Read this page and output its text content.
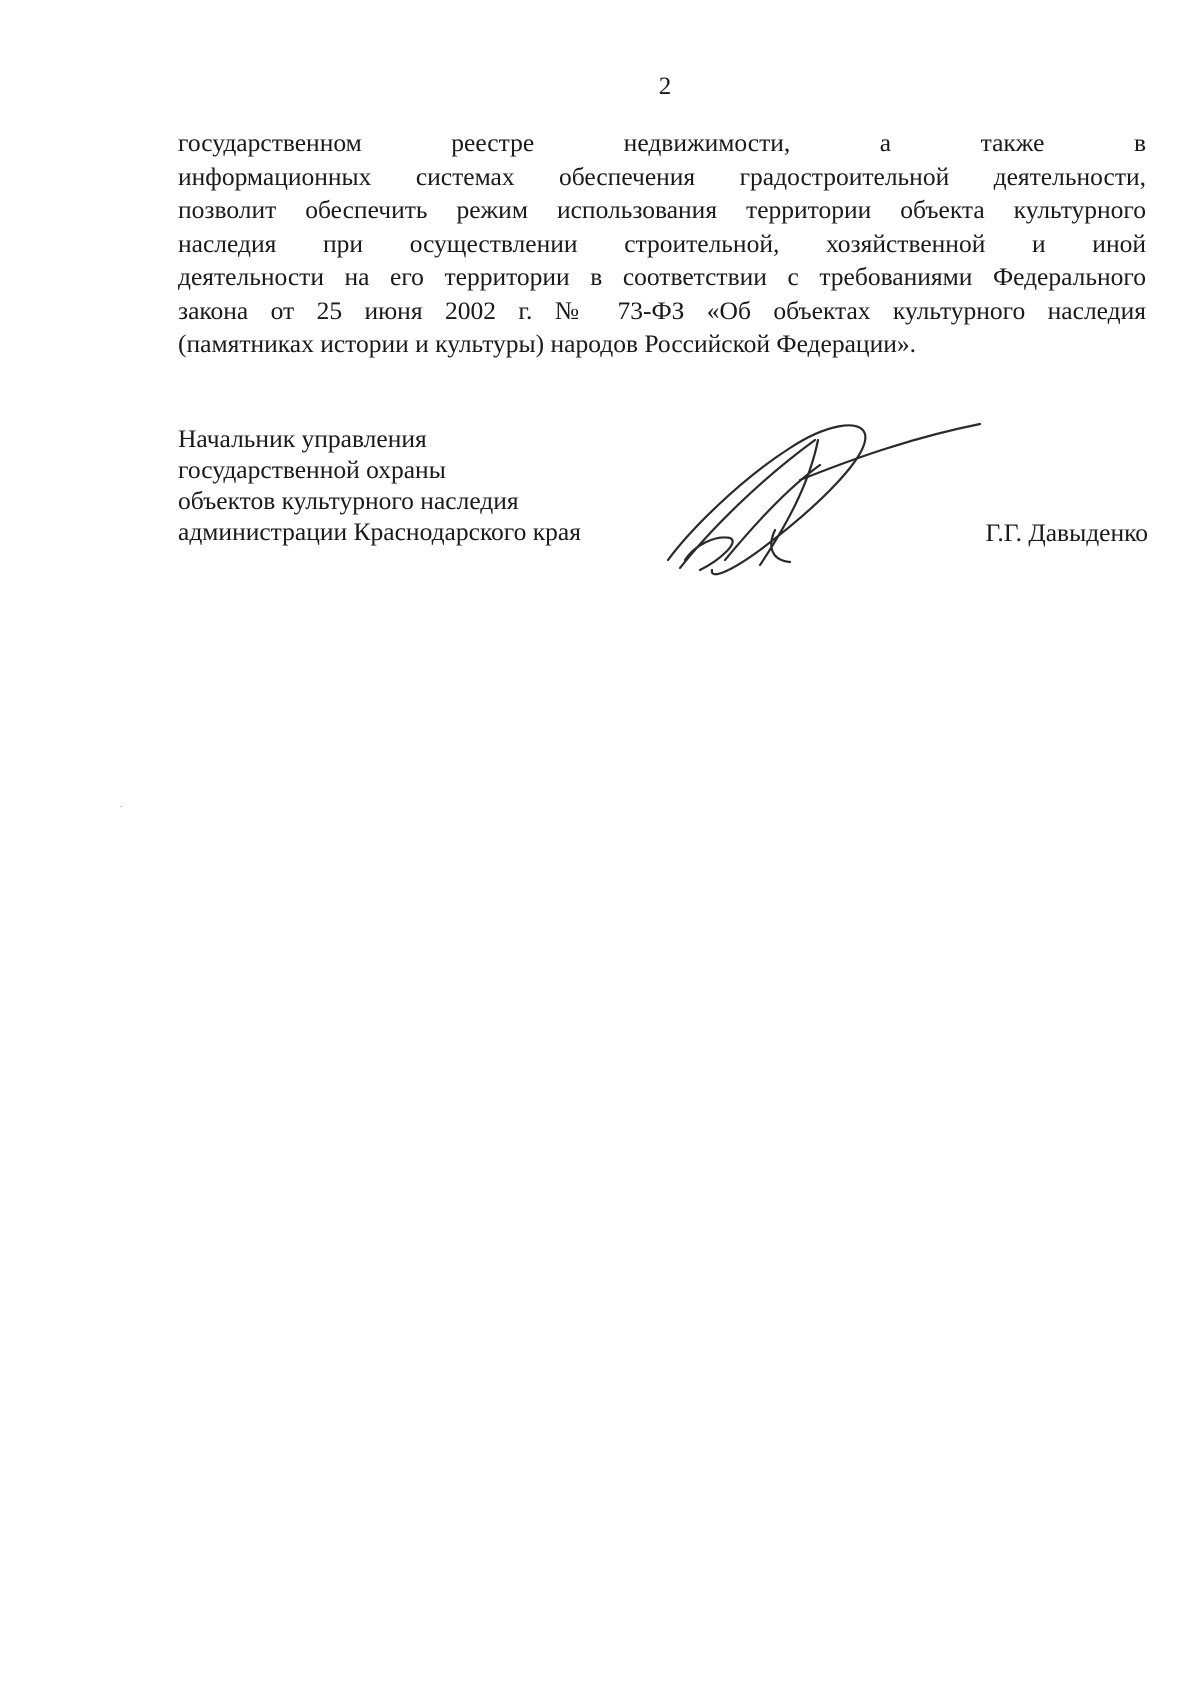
2
государственном реестре недвижимости, а также в
информационных системах обеспечения градостроительной деятельности,
позволит обеспечить режим использования территории объекта культурного
наследия при осуществлении строительной, хозяйственной и иной
деятельности на его территории в соответствии с требованиями Федерального
закона от 25 июня 2002 г. № 73-ФЗ «Об объектах культурного наследия
(памятниках истории и культуры) народов Российской Федерации».
Начальник управления
государственной охраны
объектов культурного наследия
администрации Краснодарского края	Г.Г. Давыденко
